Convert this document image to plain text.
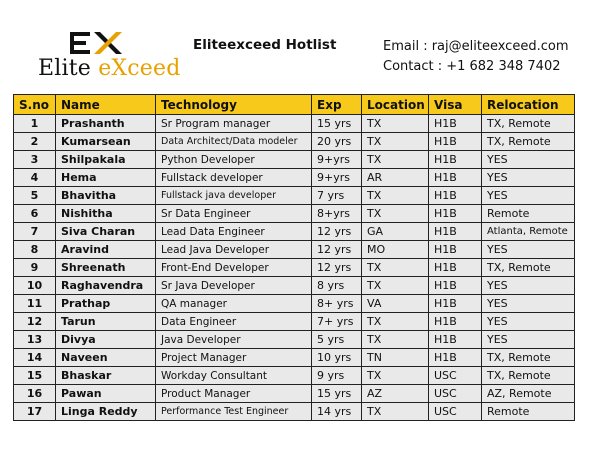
Elite eXceed
Eliteexceed Hotlist	Email : raj@eliteexceed.com
Contact : +1 682 348 7402
S.no	Name	Technology	Exp	Location	Visa	Relocation
1	Prashanth	Sr Program manager	15 yrs	TX	H1B	TX, Remote
2	Kumarsean	Data Architect/Data modeler	20 yrs	TX	H1B	TX, Remote
3	Shilpakala	Python Developer	9+yrs	TX	H1B	YES
4	Hema	Fullstack developer	9+yrs	AR	H1B	YES
5	Bhavitha	Fullstack java developer	7 yrs	TX	H1B	YES
6	Nishitha	Sr Data Engineer	8+yrs	TX	H1B	Remote
7	Siva Charan	Lead Data Engineer	12 yrs	GA	H1B	Atlanta, Remote
8	Aravind	Lead Java Developer	12 yrs	MO	H1B	YES
9	Shreenath	Front-End Developer	12 yrs	TX	H1B	TX, Remote
10	Raghavendra	Sr Java Developer	8 yrs	TX	H1B	YES
11	Prathap	QA manager	8+ yrs	VA	H1B	YES
12	Tarun	Data Engineer	7+ yrs	TX	H1B	YES
13	Divya	Java Developer	5 yrs	TX	H1B	YES
14	Naveen	Project Manager	10 yrs	TN	H1B	TX, Remote
15	Bhaskar	Workday Consultant	9 yrs	TX	USC	TX, Remote
16	Pawan	Product Manager	15 yrs	AZ	USC	AZ, Remote
17	Linga Reddy	Performance Test Engineer	14 yrs	TX	USC	Remote
